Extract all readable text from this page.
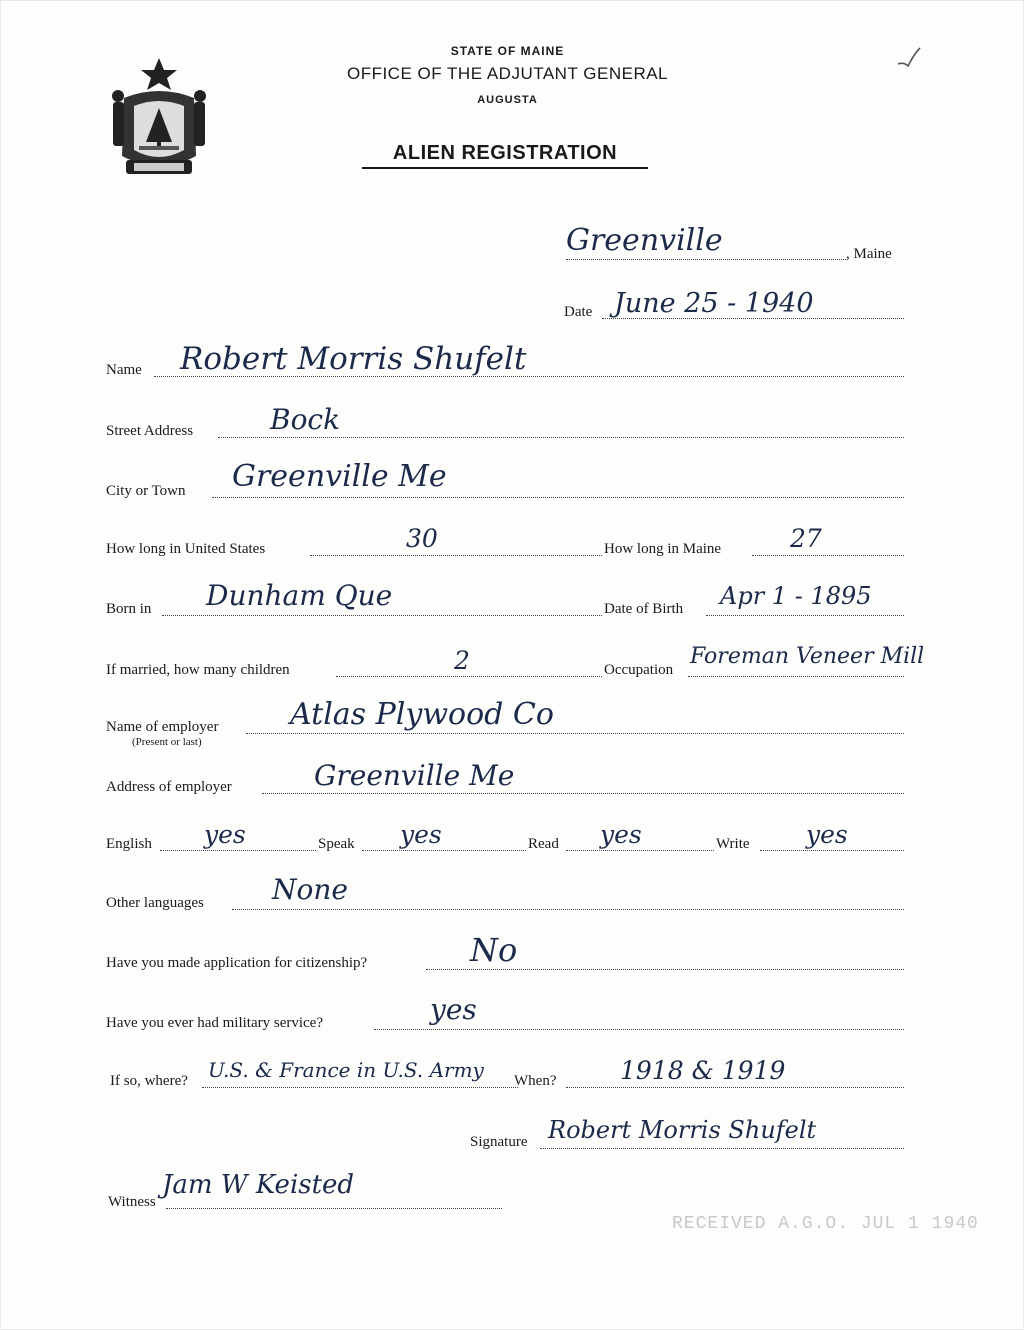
STATE OF MAINE
OFFICE OF THE ADJUTANT GENERAL
AUGUSTA
ALIEN REGISTRATION
Greenville	, Maine
Date June 25 - 1940
Name Robert Morris Shufelt
Street Address	Bock
City or Town Greenville Me
How long in United States	30	How long in Maine	27
Born in Dunham Que	Date of Birth Apr 1 - 1895
If married, how many children	2	Occupation
Foreman Veneer Mill
Name of employer
(Present or last)
Atlas Plywood Co
Address of employer	Greenville Me
English yes	Speak yes	Read yes	Write yes
Other languages None
Have you made application for citizenship?	No
Have you ever had military service?	yes
If so, where? U.S. & France in U.S. Army When?	1918 & 1919
Signature Robert Morris Shufelt
Witness
Jam W Keisted
RECEIVED A.G.O. JUL 1 1940
